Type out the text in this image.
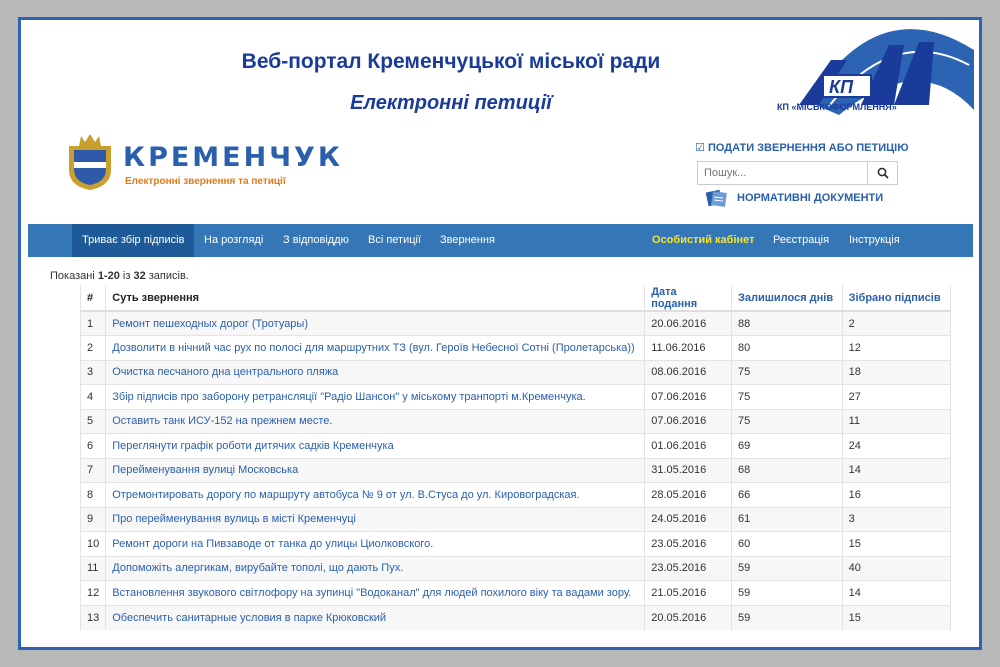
Веб-портал Кременчуцької міської ради
Електронні петиції
КП
КП «МІСЬКОФОРМЛЕННЯ»
КРЕМЕНЧУК
Електронні звернення та петиції
☑ ПОДАТИ ЗВЕРНЕННЯ АБО ПЕТИЦІЮ
Пошук...
НОРМАТИВНІ ДОКУМЕНТИ
Триває збір підписів	На розгляді	З відповіддю	Всі петиції	Звернення	Особистий кабінет	Реєстрація	Інструкція
Показані 1-20 із 32 записів.
#	Суть звернення	Дата подання	Залишилося днів	Зібрано підписів
1	Ремонт пешеходных дорог (Тротуары)	20.06.2016	88	2
2	Дозволити в нічний час рух по полосі для маршрутних ТЗ (вул. Героїв Небесної Сотні (Пролетарська))	11.06.2016	80	12
3	Очистка песчаного дна центрального пляжа	08.06.2016	75	18
4	Збір підписів про заборону ретрансляції "Радіо Шансон" у міському транпорті м.Кременчука.	07.06.2016	75	27
5	Оставить танк ИСУ-152 на прежнем месте.	07.06.2016	75	11
6	Переглянути графік роботи дитячих садків Кременчука	01.06.2016	69	24
7	Перейменування вулиці Московська	31.05.2016	68	14
8	Отремонтировать дорогу по маршруту автобуса № 9 от ул. В.Стуса до ул. Кировоградская.	28.05.2016	66	16
9	Про перейменування вулиць в місті Кременчуці	24.05.2016	61	3
10	Ремонт дороги на Пивзаводе от танка до улицы Циолковского.	23.05.2016	60	15
11	Допоможіть алергикам, вирубайте тополі, що дають Пух.	23.05.2016	59	40
12	Встановлення звукового світлофору на зупинці "Водоканал" для людей похилого віку та вадами зору.	21.05.2016	59	14
13	Обеспечить санитарные условия в парке Крюковский	20.05.2016	59	15
